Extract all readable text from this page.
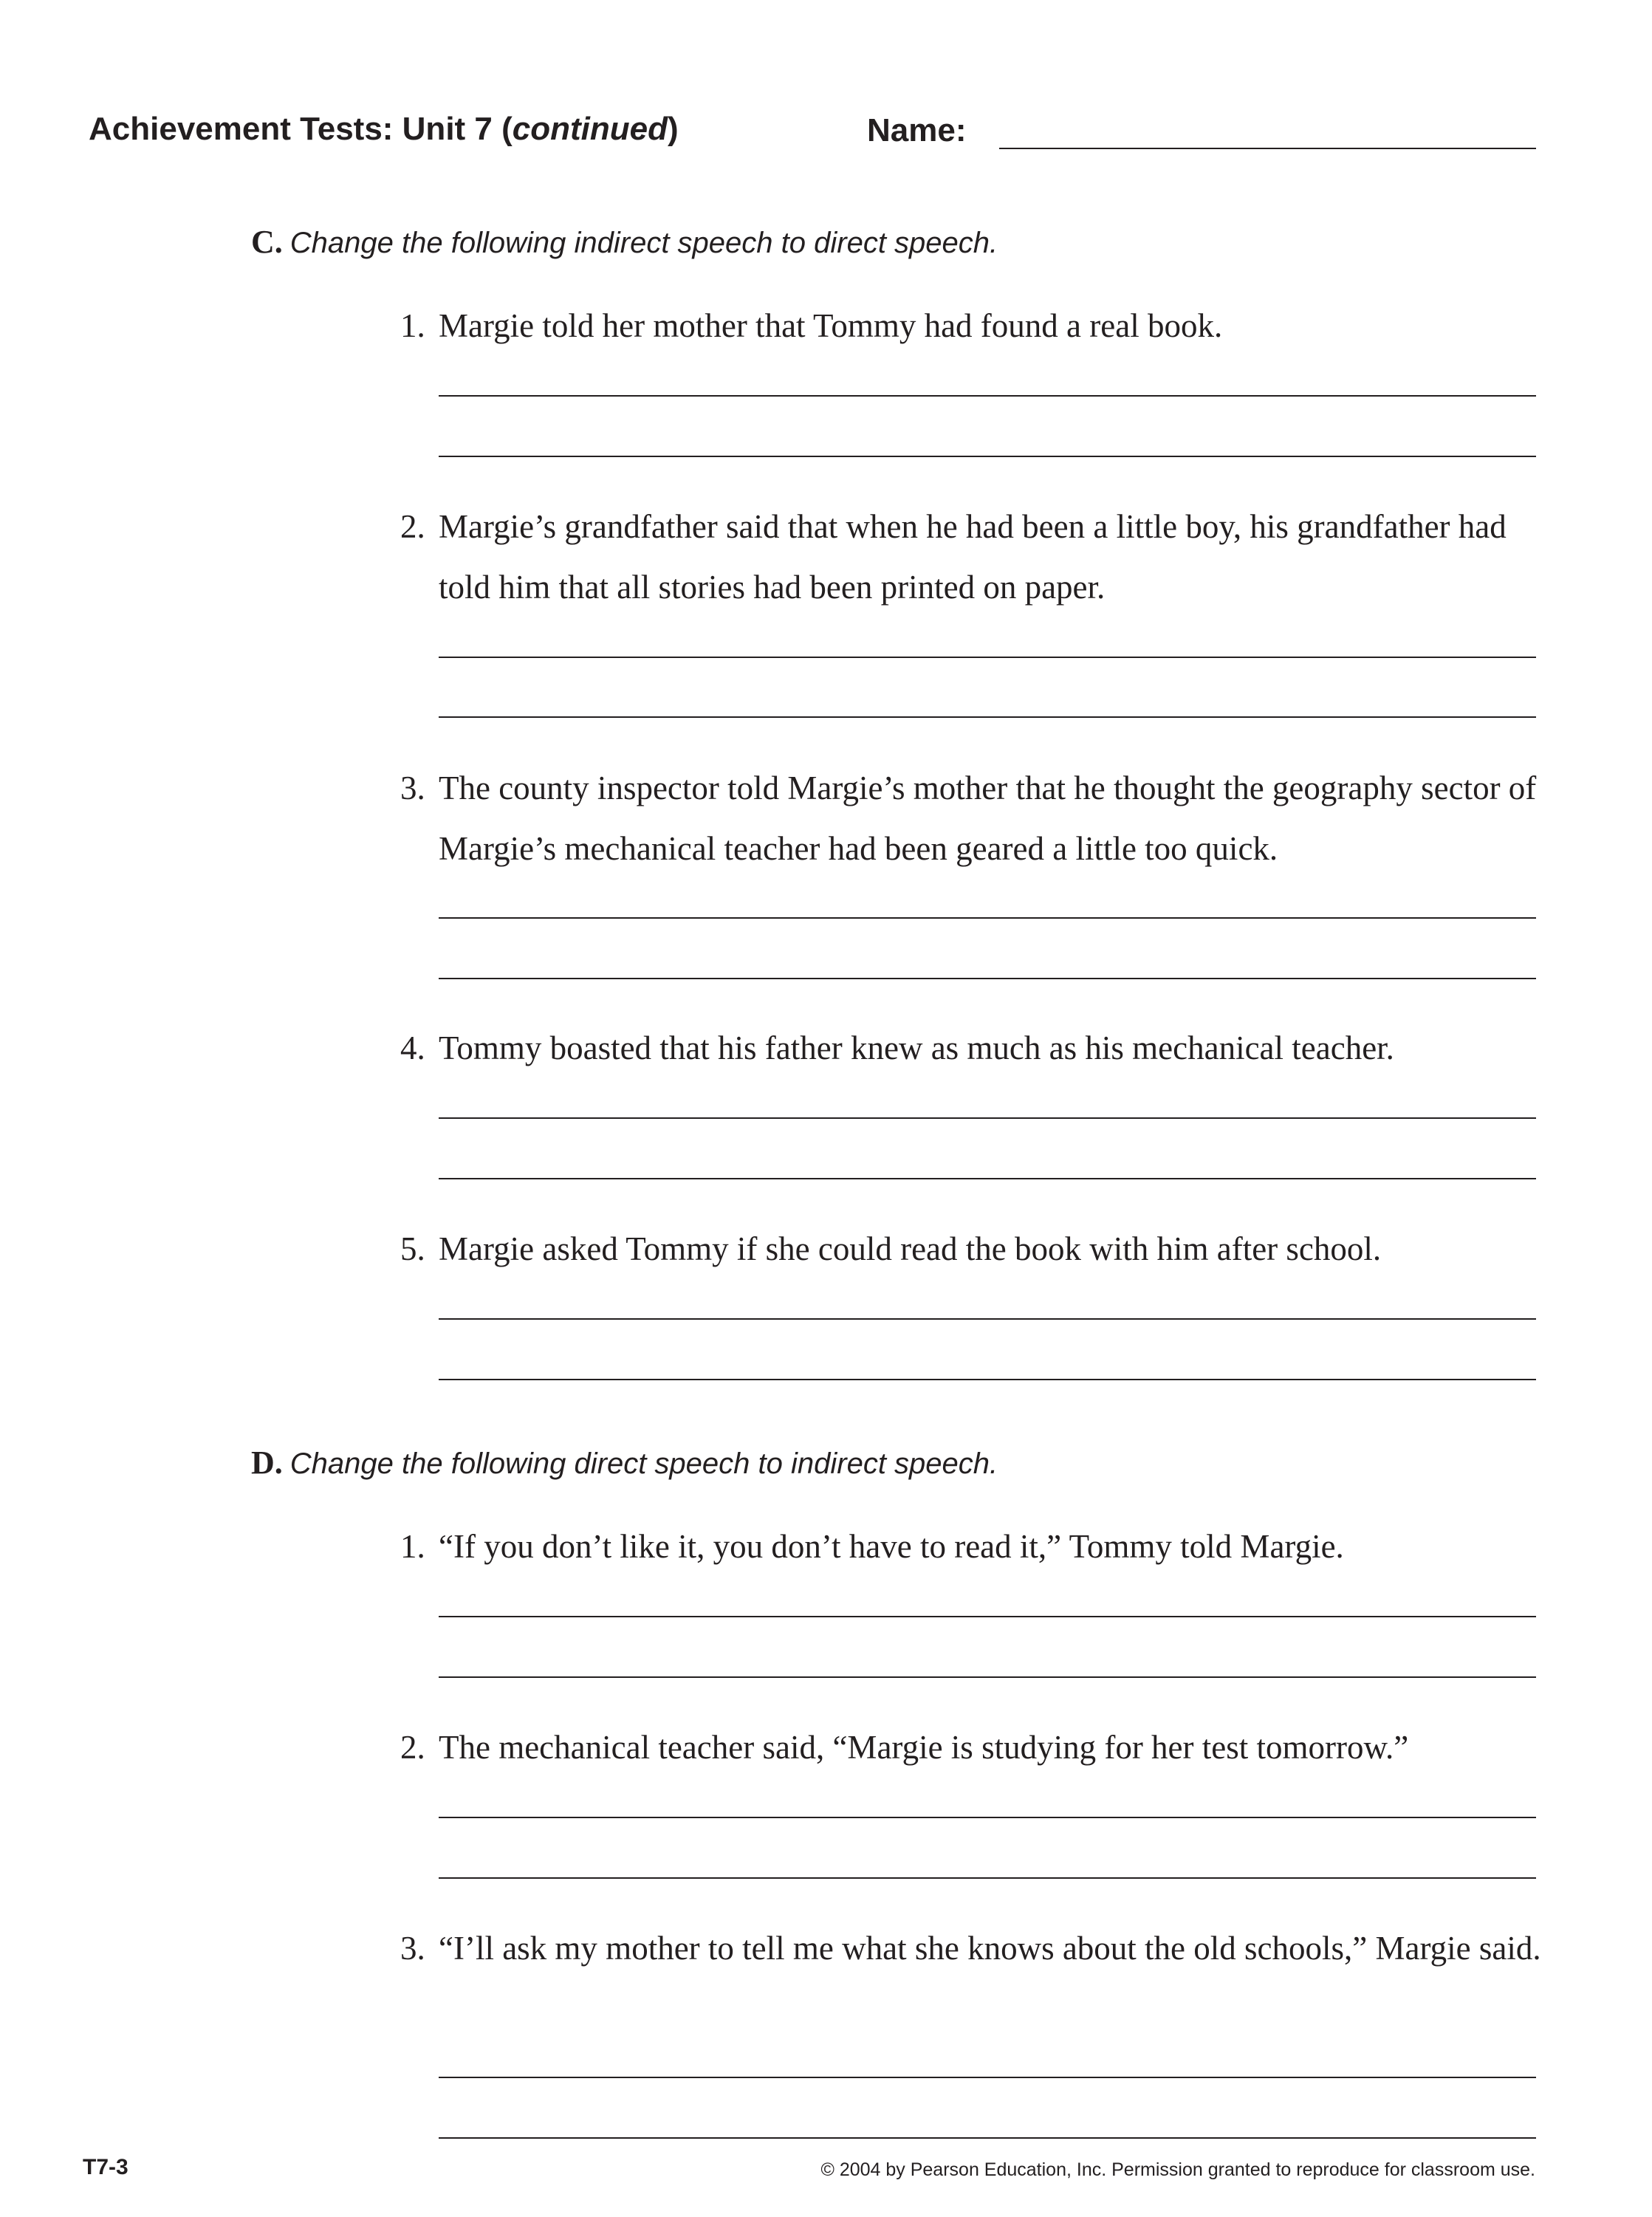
Achievement Tests: Unit 7 (continued)	Name:
C. Change the following indirect speech to direct speech.
1. Margie told her mother that Tommy had found a real book.
2. Margie’s grandfather said that when he had been a little boy, his grandfather had told him that all stories had been printed on paper.
3. The county inspector told Margie’s mother that he thought the geography sector of Margie’s mechanical teacher had been geared a little too quick.
4. Tommy boasted that his father knew as much as his mechanical teacher.
5. Margie asked Tommy if she could read the book with him after school.
D. Change the following direct speech to indirect speech.
1. “If you don’t like it, you don’t have to read it,” Tommy told Margie.
2. The mechanical teacher said, “Margie is studying for her test tomorrow.”
3. “I’ll ask my mother to tell me what she knows about the old schools,” Margie said.
T7-3	© 2004 by Pearson Education, Inc. Permission granted to reproduce for classroom use.
